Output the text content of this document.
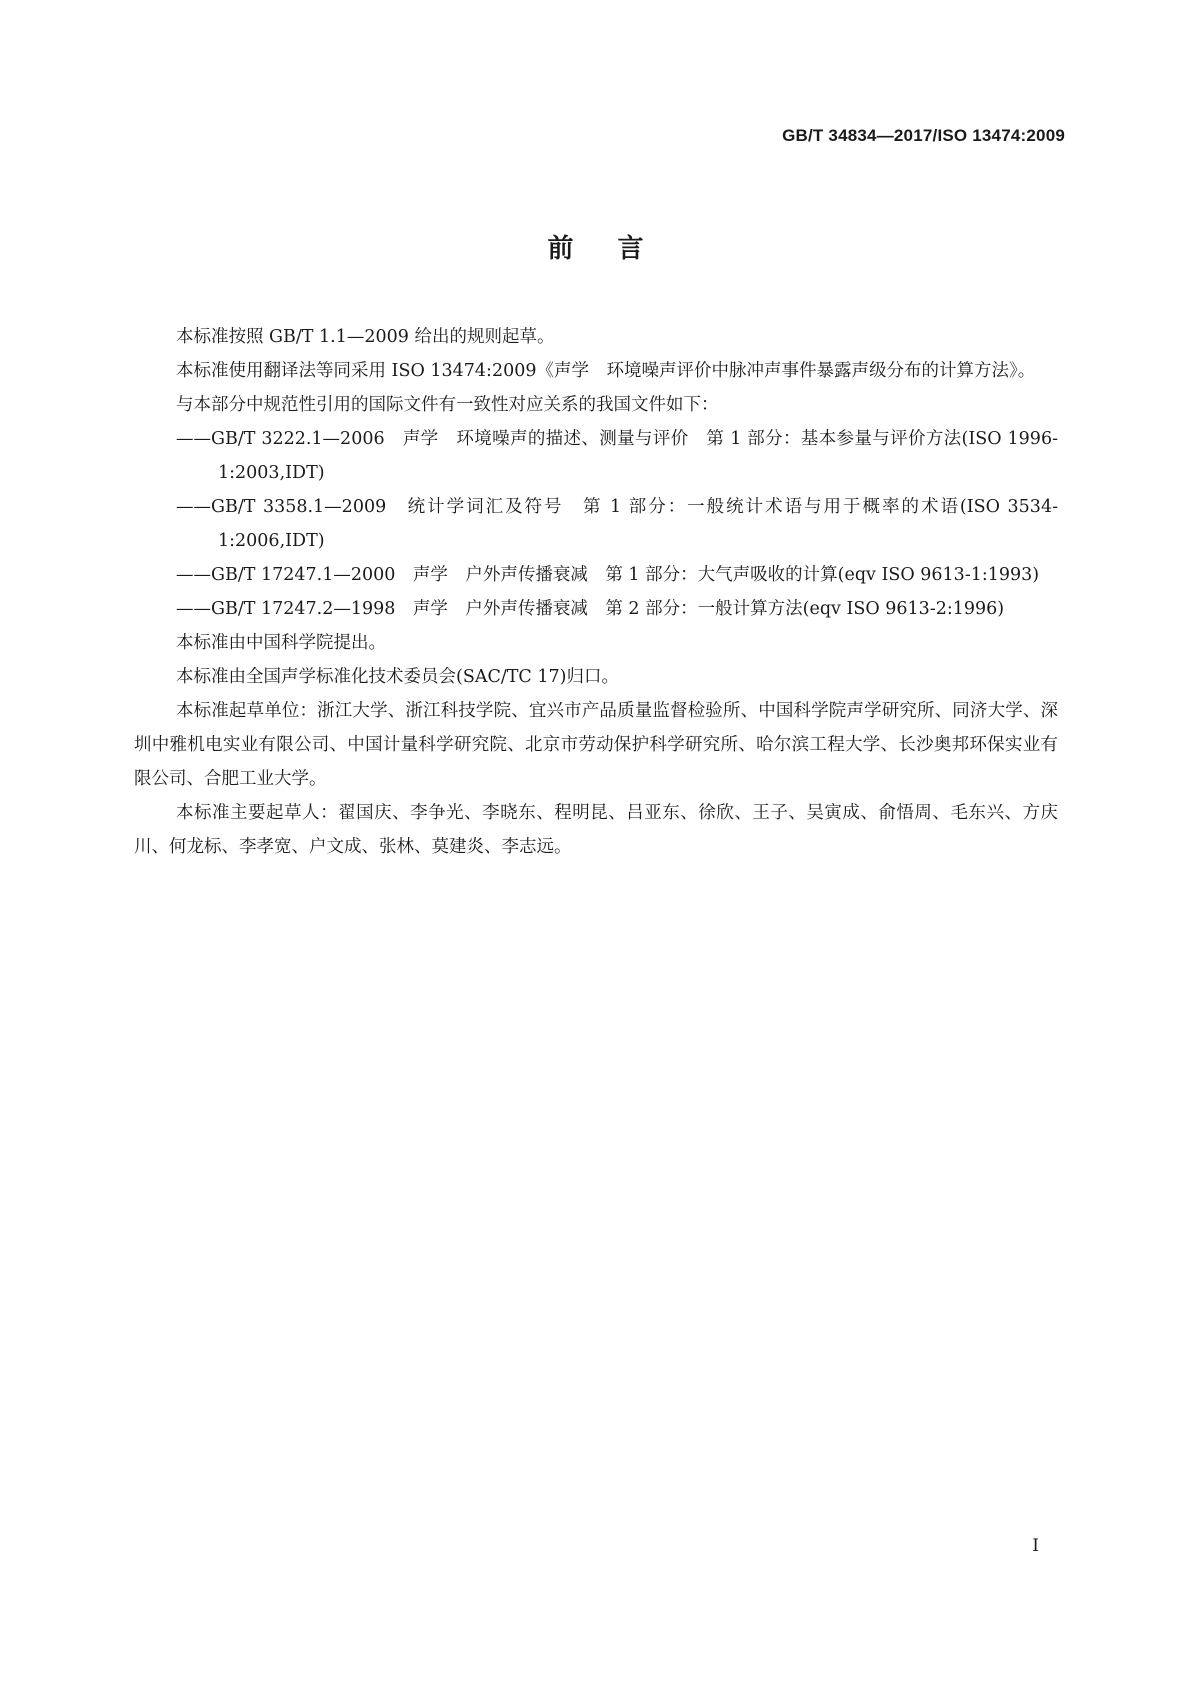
GB/T 34834—2017/ISO 13474:2009
前言

本标准按照 GB/T 1.1—2009 给出的规则起草。

本标准使用翻译法等同采用 ISO 13474:2009《声学　环境噪声评价中脉冲声事件暴露声级分布的计算方法》。

与本部分中规范性引用的国际文件有一致性对应关系的我国文件如下：

——GB/T 3222.1—2006　声学　环境噪声的描述、测量与评价　第 1 部分：基本参量与评价方法(ISO 1996-1:2003,IDT)

——GB/T 3358.1—2009　统计学词汇及符号　第 1 部分：一般统计术语与用于概率的术语(ISO 3534-1:2006,IDT)

——GB/T 17247.1—2000　声学　户外声传播衰减　第 1 部分：大气声吸收的计算(eqv ISO 9613-1:1993)

——GB/T 17247.2—1998　声学　户外声传播衰减　第 2 部分：一般计算方法(eqv ISO 9613-2:1996)

本标准由中国科学院提出。

本标准由全国声学标准化技术委员会(SAC/TC 17)归口。

本标准起草单位：浙江大学、浙江科技学院、宜兴市产品质量监督检验所、中国科学院声学研究所、同济大学、深圳中雅机电实业有限公司、中国计量科学研究院、北京市劳动保护科学研究所、哈尔滨工程大学、长沙奥邦环保实业有限公司、合肥工业大学。

本标准主要起草人：翟国庆、李争光、李晓东、程明昆、吕亚东、徐欣、王子、吴寅成、俞悟周、毛东兴、方庆川、何龙标、李孝宽、户文成、张林、莫建炎、李志远。

I
